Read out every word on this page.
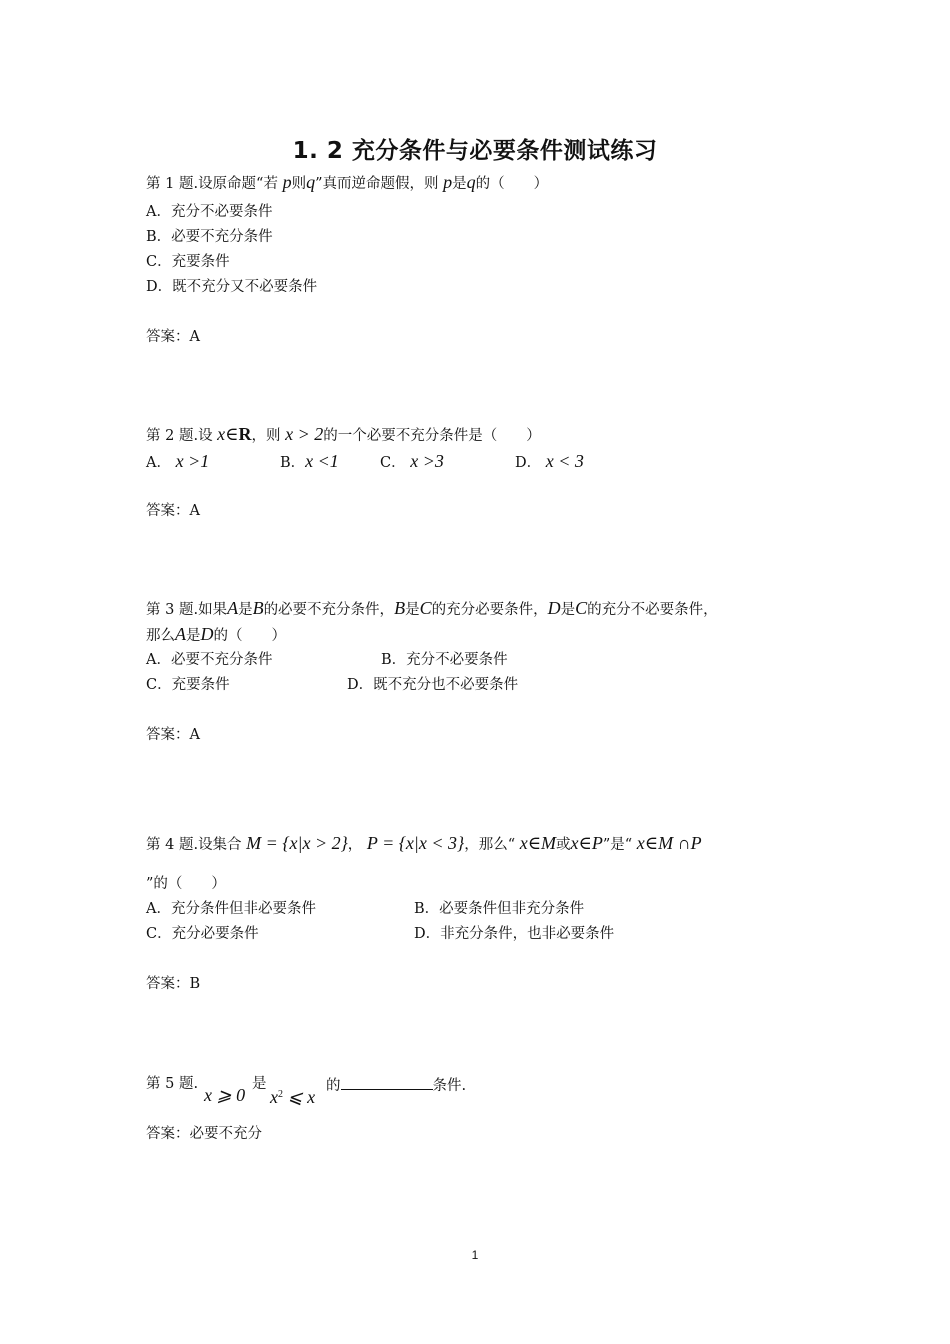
1. 2 充分条件与必要条件测试练习
第 1 题.设原命题“若 p则q”真而逆命题假，则 p是q的（　　）
A．充分不必要条件
B．必要不充分条件
C．充要条件
D．既不充分又不必要条件
答案：A
第 2 题.设 x∈R，则 x > 2的一个必要不充分条件是（　　）
A． x >1	B．x <1	C． x >3	D． x < 3
答案：A
第 3 题.如果A是B的必要不充分条件，B是C的充分必要条件，D是C的充分不必要条件，
那么A是D的（　　）
A．必要不充分条件	B．充分不必要条件
C．充要条件	D．既不充分也不必要条件
答案：A
第 4 题.设集合 M = {x|x > 2}， P = {x|x < 3}，那么“ x∈M或x∈P”是“ x∈M ∩P
”的（　　）
A．充分条件但非必要条件	B．必要条件但非充分条件
C．充分必要条件	D．非充分条件，也非必要条件
答案：B
第 5 题.
x ⩾ 0
是
$x^2$ ⩽ x
的	条件.
答案：必要不充分
1
